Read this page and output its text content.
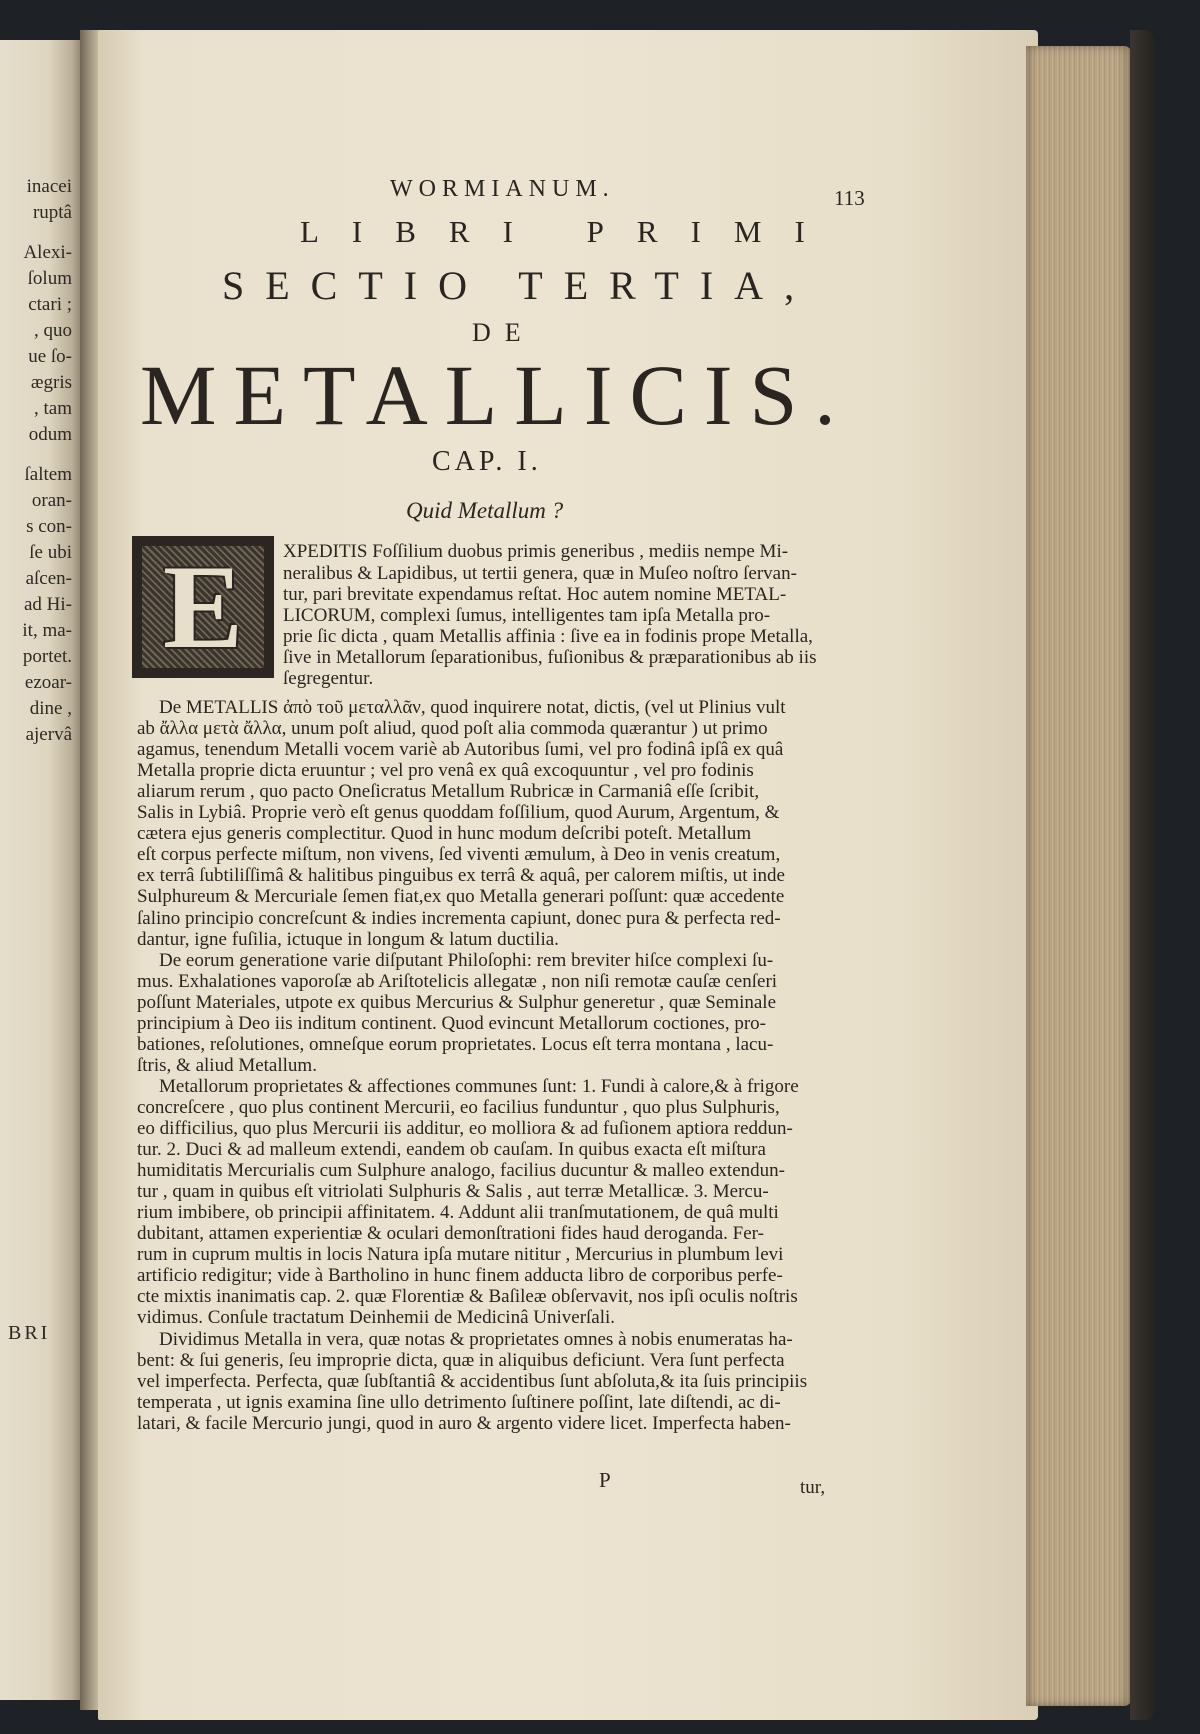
BRI
WORMIANUM.	113
LIBRI PRIMI
SECTIO TERTIA,
DE
METALLICIS.
CAP. I.
Quid Metallum ?
E	XPEDITIS Foſſilium duobus primis generibus , mediis nempe Mi-
P	tur,
inacei
ruptâ
Alexi-
ſolum
ctari ;
, quo
ue ſo-
ægris
, tam
odum
ſaltem
oran-
s con-
ſe ubi
aſcen-
ad Hi-
it, ma-
portet.
ezoar-
dine ,
ajervâ
neralibus & Lapidibus, ut tertii genera, quæ in Muſeo noſtro ſervan-
tur, pari brevitate expendamus reſtat. Hoc autem nomine METAL-
LICORUM, complexi ſumus, intelligentes tam ipſa Metalla pro-
prie ſic dicta , quam Metallis affinia : ſive ea in fodinis prope Metalla,
ſive in Metallorum ſeparationibus, fuſionibus & præparationibus ab iis
ſegregentur.
De METALLIS ἀπὸ τοῦ μεταλλᾶν, quod inquirere notat, dictis, (vel ut Plinius vult
ab ἄλλα μετὰ ἄλλα, unum poſt aliud, quod poſt alia commoda quærantur ) ut primo
agamus, tenendum Metalli vocem variè ab Autoribus ſumi, vel pro fodinâ ipſâ ex quâ
Metalla proprie dicta eruuntur ; vel pro venâ ex quâ excoquuntur , vel pro fodinis
aliarum rerum , quo pacto Oneſicratus Metallum Rubricæ in Carmaniâ eſſe ſcribit,
Salis in Lybiâ. Proprie verò eſt genus quoddam foſſilium, quod Aurum, Argentum, &
cætera ejus generis complectitur. Quod in hunc modum deſcribi poteſt. Metallum
eſt corpus perfecte miſtum, non vivens, ſed viventi æmulum, à Deo in venis creatum,
ex terrâ ſubtiliſſimâ & halitibus pinguibus ex terrâ & aquâ, per calorem miſtis, ut inde
Sulphureum & Mercuriale ſemen fiat,ex quo Metalla generari poſſunt: quæ accedente
ſalino principio concreſcunt & indies incrementa capiunt, donec pura & perfecta red-
dantur, igne fuſilia, ictuque in longum & latum ductilia.
De eorum generatione varie diſputant Philoſophi: rem breviter hiſce complexi ſu-
mus. Exhalationes vaporoſæ ab Ariſtotelicis allegatæ , non niſi remotæ cauſæ cenſeri
poſſunt Materiales, utpote ex quibus Mercurius & Sulphur generetur , quæ Seminale
principium à Deo iis inditum continent. Quod evincunt Metallorum coctiones, pro-
bationes, reſolutiones, omneſque eorum proprietates. Locus eſt terra montana , lacu-
ſtris, & aliud Metallum.
Metallorum proprietates & affectiones communes ſunt: 1. Fundi à calore,& à frigore
concreſcere , quo plus continent Mercurii, eo facilius funduntur , quo plus Sulphuris,
eo difficilius, quo plus Mercurii iis additur, eo molliora & ad fuſionem aptiora reddun-
tur. 2. Duci & ad malleum extendi, eandem ob cauſam. In quibus exacta eſt miſtura
humiditatis Mercurialis cum Sulphure analogo, facilius ducuntur & malleo extendun-
tur , quam in quibus eſt vitriolati Sulphuris & Salis , aut terræ Metallicæ. 3. Mercu-
rium imbibere, ob principii affinitatem. 4. Addunt alii tranſmutationem, de quâ multi
dubitant, attamen experientiæ & oculari demonſtrationi fides haud deroganda. Fer-
rum in cuprum multis in locis Natura ipſa mutare nititur , Mercurius in plumbum levi
artificio redigitur; vide à Bartholino in hunc finem adducta libro de corporibus perfe-
cte mixtis inanimatis cap. 2. quæ Florentiæ & Baſileæ obſervavit, nos ipſi oculis noſtris
vidimus. Conſule tractatum Deinhemii de Medicinâ Univerſali.
Dividimus Metalla in vera, quæ notas & proprietates omnes à nobis enumeratas ha-
bent: & ſui generis, ſeu improprie dicta, quæ in aliquibus deficiunt. Vera ſunt perfecta
vel imperfecta. Perfecta, quæ ſubſtantiâ & accidentibus ſunt abſoluta,& ita ſuis principiis
temperata , ut ignis examina ſine ullo detrimento ſuſtinere poſſint, late diſtendi, ac di-
latari, & facile Mercurio jungi, quod in auro & argento videre licet. Imperfecta haben-
